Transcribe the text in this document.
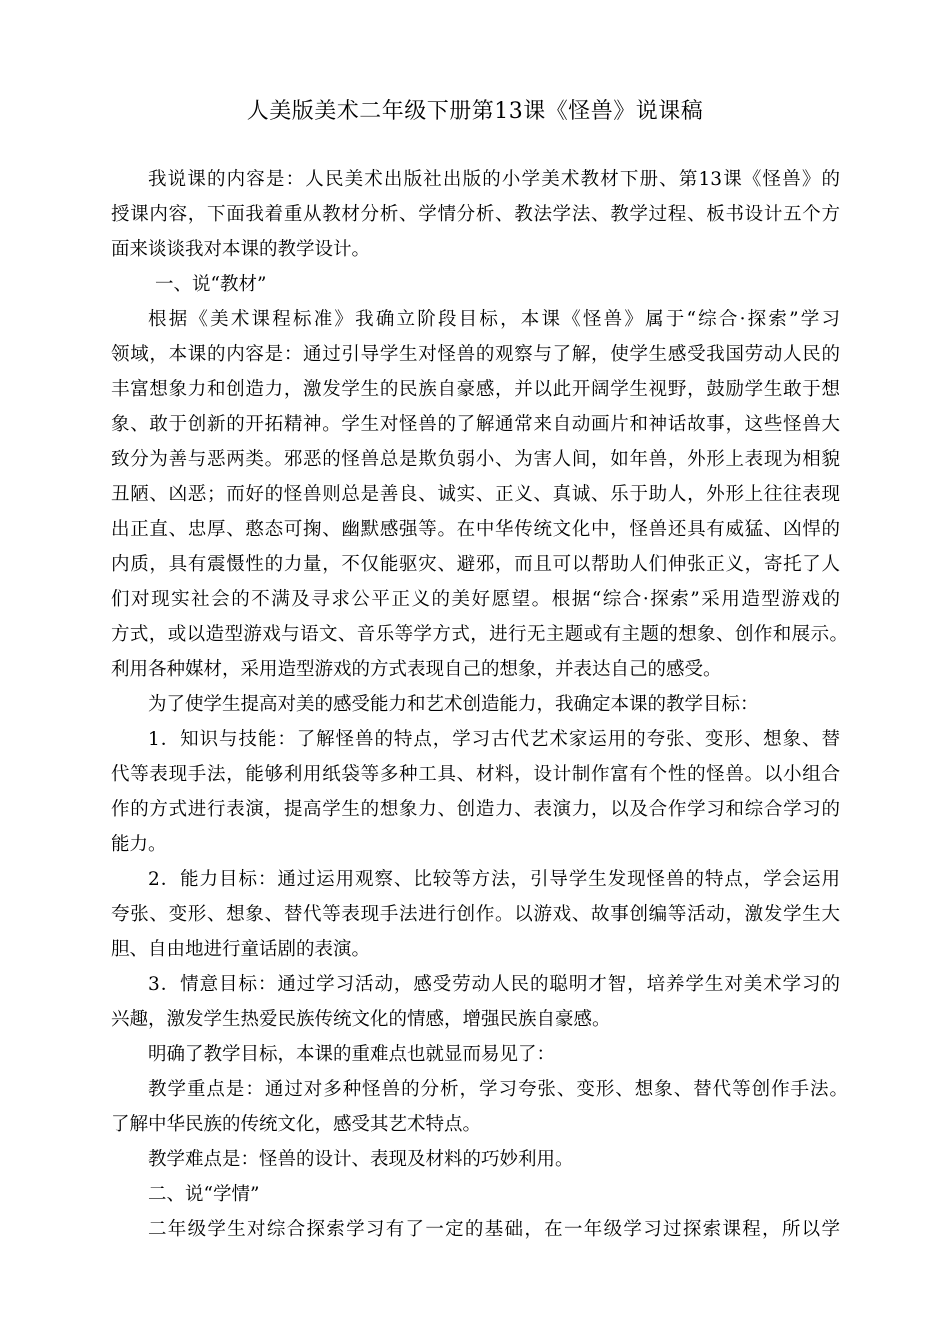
人美版美术二年级下册第13课《怪兽》说课稿
我说课的内容是：人民美术出版社出版的小学美术教材下册、第13课《怪兽》的
授课内容，下面我着重从教材分析、学情分析、教法学法、教学过程、板书设计五个方
面来谈谈我对本课的教学设计。
一、说“教材”
根据《美术课程标准》我确立阶段目标，本课《怪兽》属于“综合·探索”学习
领域，本课的内容是：通过引导学生对怪兽的观察与了解，使学生感受我国劳动人民的
丰富想象力和创造力，激发学生的民族自豪感，并以此开阔学生视野，鼓励学生敢于想
象、敢于创新的开拓精神。学生对怪兽的了解通常来自动画片和神话故事，这些怪兽大
致分为善与恶两类。邪恶的怪兽总是欺负弱小、为害人间，如年兽，外形上表现为相貌
丑陋、凶恶；而好的怪兽则总是善良、诚实、正义、真诚、乐于助人，外形上往往表现
出正直、忠厚、憨态可掬、幽默感强等。在中华传统文化中，怪兽还具有威猛、凶悍的
内质，具有震慑性的力量，不仅能驱灾、避邪，而且可以帮助人们伸张正义，寄托了人
们对现实社会的不满及寻求公平正义的美好愿望。根据“综合·探索”采用造型游戏的
方式，或以造型游戏与语文、音乐等学方式，进行无主题或有主题的想象、创作和展示。
利用各种媒材，采用造型游戏的方式表现自己的想象，并表达自己的感受。
为了使学生提高对美的感受能力和艺术创造能力，我确定本课的教学目标：
1．知识与技能：了解怪兽的特点，学习古代艺术家运用的夸张、变形、想象、替
代等表现手法，能够利用纸袋等多种工具、材料，设计制作富有个性的怪兽。以小组合
作的方式进行表演，提高学生的想象力、创造力、表演力，以及合作学习和综合学习的
能力。
2．能力目标：通过运用观察、比较等方法，引导学生发现怪兽的特点，学会运用
夸张、变形、想象、替代等表现手法进行创作。以游戏、故事创编等活动，激发学生大
胆、自由地进行童话剧的表演。
3．情意目标：通过学习活动，感受劳动人民的聪明才智，培养学生对美术学习的
兴趣，激发学生热爱民族传统文化的情感，增强民族自豪感。
明确了教学目标，本课的重难点也就显而易见了：
教学重点是：通过对多种怪兽的分析，学习夸张、变形、想象、替代等创作手法。
了解中华民族的传统文化，感受其艺术特点。
教学难点是：怪兽的设计、表现及材料的巧妙利用。
二、说“学情”
二年级学生对综合探索学习有了一定的基础，在一年级学习过探索课程，所以学
